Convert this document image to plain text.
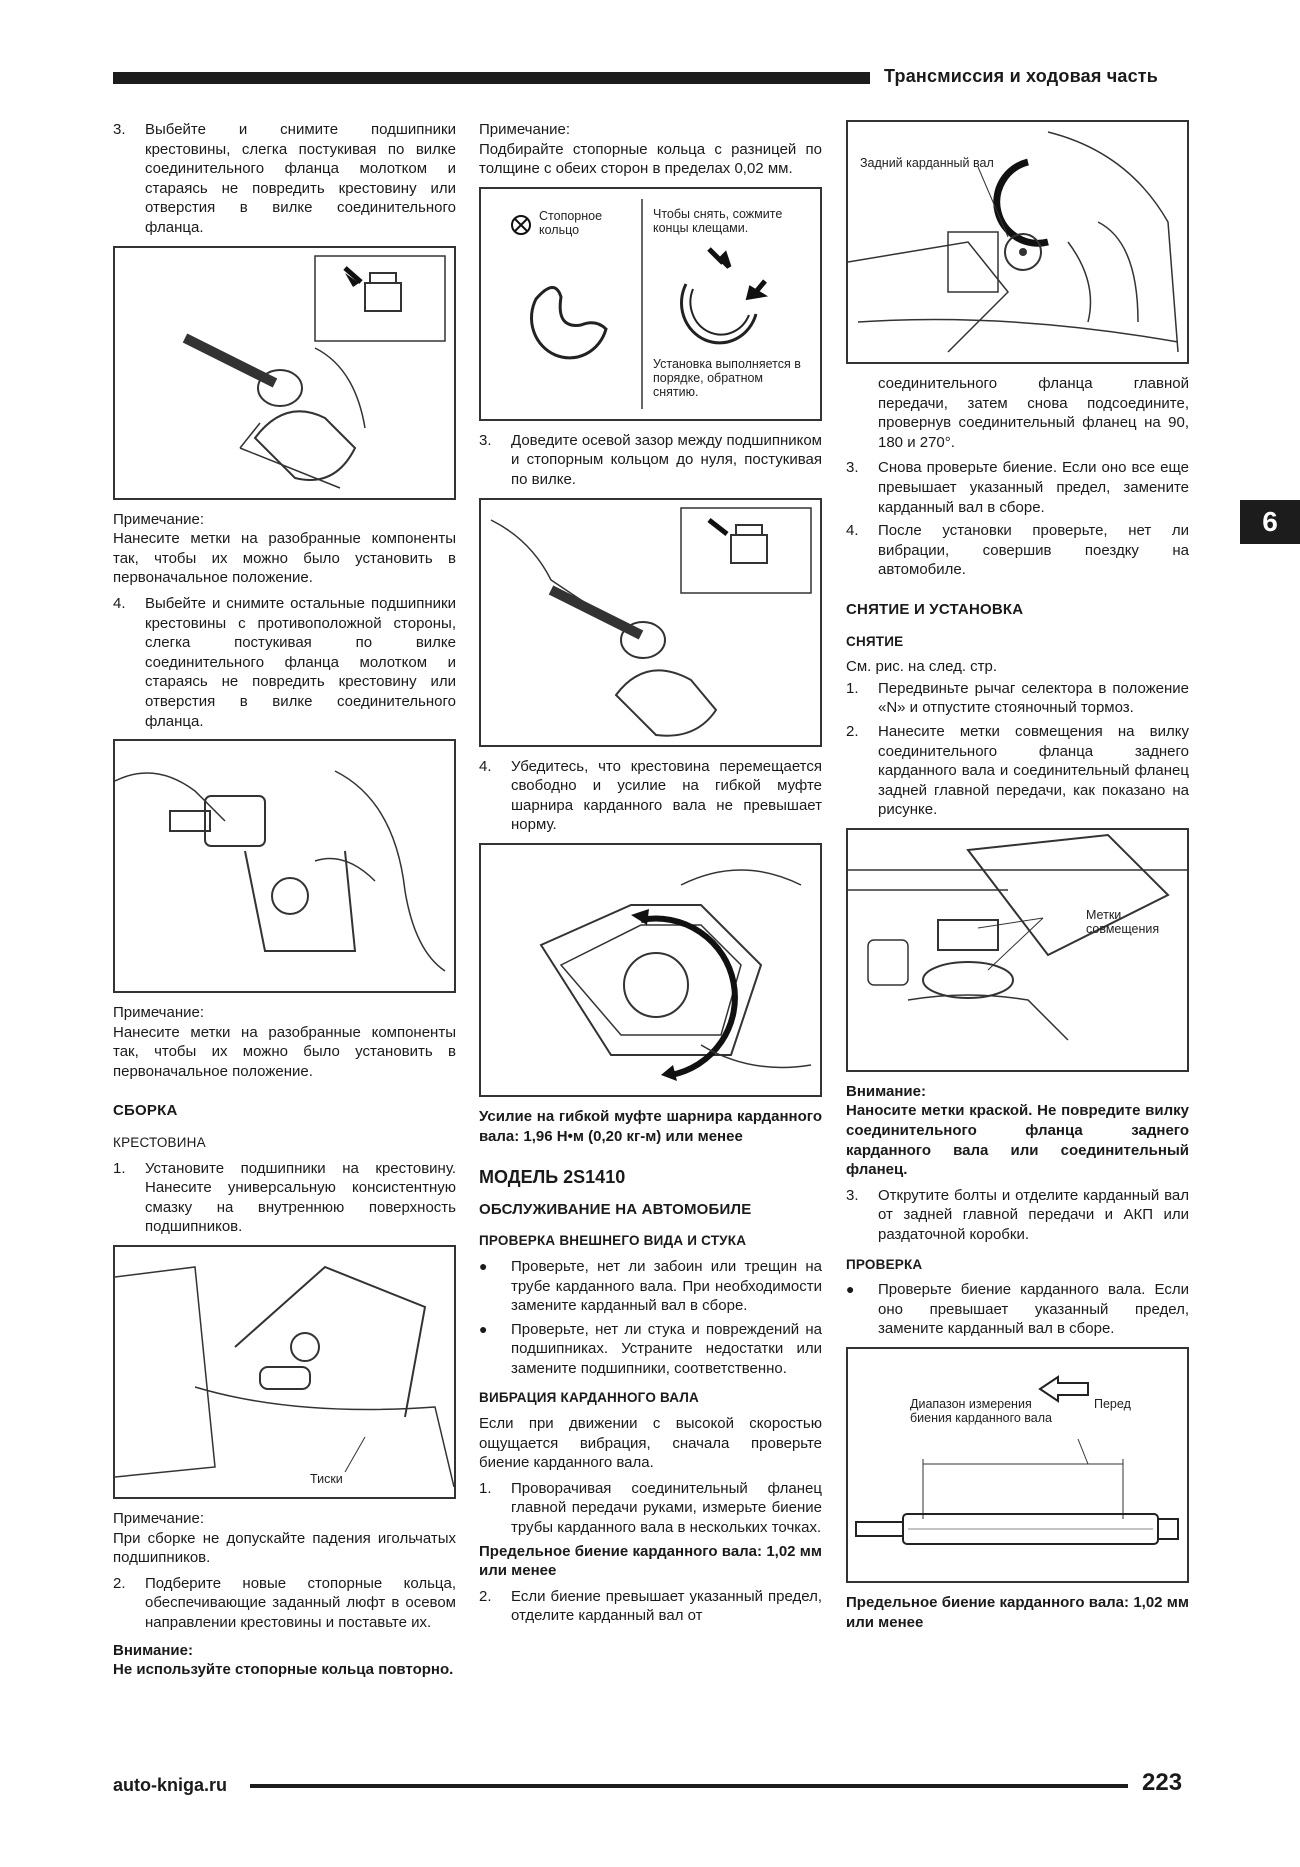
Трансмиссия и ходовая часть
6
3.	Выбейте и снимите подшипники крестовины, слегка постукивая по вилке соединительного фланца молотком и стараясь не повредить крестовину или отверстия в вилке соединительного фланца.
Примечание:

Нанесите метки на разобранные компоненты так, чтобы их можно было установить в первоначальное положение.

4.	Выбейте и снимите остальные подшипники крестовины с противоположной стороны, слегка постукивая по вилке соединительного фланца молотком и стараясь не повредить крестовину или отверстия в вилке соединительного фланца.
Примечание:

Нанесите метки на разобранные компоненты так, чтобы их можно было установить в первоначальное положение.

СБОРКА
КРЕСТОВИНА
1.	Установите подшипники на крестовину. Нанесите универсальную консистентную смазку на внутреннюю поверхность подшипников.
Тиски
Примечание:

При сборке не допускайте падения игольчатых подшипников.

2.	Подберите новые стопорные кольца, обеспечивающие заданный люфт в осевом направлении крестовины и поставьте их.
Внимание:

Не используйте стопорные кольца повторно.

Примечание:

Подбирайте стопорные кольца с разницей по толщине с обеих сторон в пределах 0,02 мм.

Стопорное кольцо
Чтобы снять, сожмите концы клещами.
Установка выполняется в порядке, обратном снятию.
3.	Доведите осевой зазор между подшипником и стопорным кольцом до нуля, постукивая по вилке.
4.	Убедитесь, что крестовина перемещается свободно и усилие на гибкой муфте шарнира карданного вала не превышает норму.
Усилие на гибкой муфте шарнира карданного вала: 1,96 Н•м (0,20 кг-м) или менее
МОДЕЛЬ 2S1410
ОБСЛУЖИВАНИЕ НА АВТОМОБИЛЕ
ПРОВЕРКА ВНЕШНЕГО ВИДА И СТУКА
●	Проверьте, нет ли забоин или трещин на трубе карданного вала. При необходимости замените карданный вал в сборе.
●	Проверьте, нет ли стука и повреждений на подшипниках. Устраните недостатки или замените подшипники, соответственно.
ВИБРАЦИЯ КАРДАННОГО ВАЛА

Если при движении с высокой скоростью ощущается вибрация, сначала проверьте биение карданного вала.

1.	Проворачивая соединительный фланец главной передачи руками, измерьте биение трубы карданного вала в нескольких точках.
Предельное биение карданного вала: 1,02 мм или менее
2.	Если биение превышает указанный предел, отделите карданный вал от
Задний карданный вал

соединительного фланца главной передачи, затем снова подсоедините, провернув соединительный фланец на 90, 180 и 270°.

3.	Снова проверьте биение. Если оно все еще превышает указанный предел, замените карданный вал в сборе.
4.	После установки проверьте, нет ли вибрации, совершив поездку на автомобиле.
СНЯТИЕ И УСТАНОВКА
СНЯТИЕ

См. рис. на след. стр.

1.	Передвиньте рычаг селектора в положение «N» и отпустите стояночный тормоз.
2.	Нанесите метки совмещения на вилку соединительного фланца заднего карданного вала и соединительный фланец задней главной передачи, как показано на рисунке.
Метки совмещения
Внимание:

Наносите метки краской. Не повредите вилку соединительного фланца заднего карданного вала или соединительный фланец.

3.	Открутите болты и отделите карданный вал от задней главной передачи и АКП или раздаточной коробки.
ПРОВЕРКА
●	Проверьте биение карданного вала. Если оно превышает указанный предел, замените карданный вал в сборе.
Диапазон измерения биения карданного вала
Перед
Предельное биение карданного вала: 1,02 мм или менее
auto-kniga.ru	223
